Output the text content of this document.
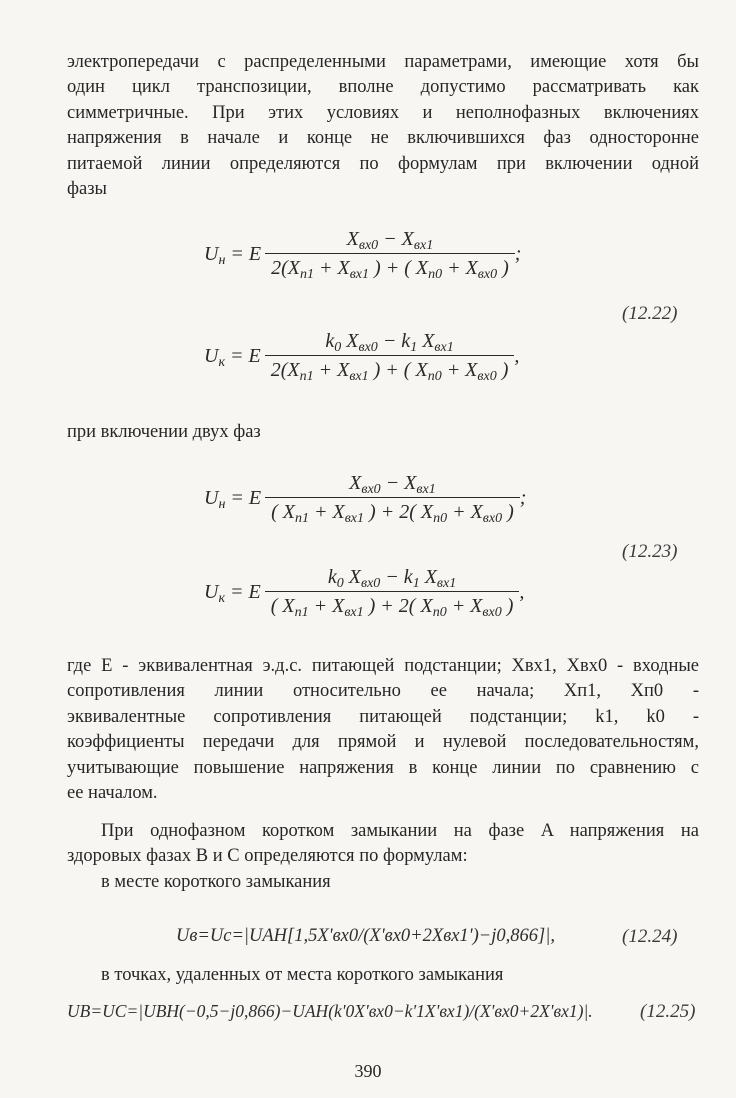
электропередачи с распределенными параметрами, имеющие хотя бы
один цикл транспозиции, вполне допустимо рассматривать как
симметричные. При этих условиях и неполнофазных включениях
напряжения в начале и конце не включившихся фаз односторонне
питаемой линии определяются по формулам при включении одной
фазы
$U_н = E \frac{X_{вх0} - X_{вх1}}{2(X_{п1} + X_{вх1} ) + ( X_{п0} + X_{вх0} )}$ ;
(12.22)
$U_к = E \frac{k_0 X_{вх0} - k_1 X_{вх1}}{2(X_{п1} + X_{вх1} ) + ( X_{п0} + X_{вх0} )}$ ,
при включении двух фаз
$U_н = E \frac{X_{вх0} - X_{вх1}}{( X_{п1} + X_{вх1} ) + 2( X_{п0} + X_{вх0} )}$ ;
(12.23)
$U_к = E \frac{k_0 X_{вх0} - k_1 X_{вх1}}{( X_{п1} + X_{вх1} ) + 2( X_{п0} + X_{вх0} )}$ ,
где E - эквивалентная э.д.с. питающей подстанции; Xвх1, Xвх0 - входные
сопротивления линии относительно ее начала; Xп1, Xп0 -
эквивалентные сопротивления питающей подстанции; k1, k0 -
коэффициенты передачи для прямой и нулевой последовательностям,
учитывающие повышение напряжения в конце линии по сравнению с
ее началом.
При однофазном коротком замыкании на фазе A напряжения на
здоровых фазах B и C определяются по формулам:
в месте короткого замыкания
Uв=Uс=|UAH[1,5X'вх0/(X'вх0+2Xвх1')−j0,866]|,	(12.24)
в точках, удаленных от места короткого замыкания
UB=UC=|UBH(−0,5−j0,866)−UAH(k'0X'вх0−k'1X'вх1)/(X'вх0+2X'вх1)|. (12.25)
390
